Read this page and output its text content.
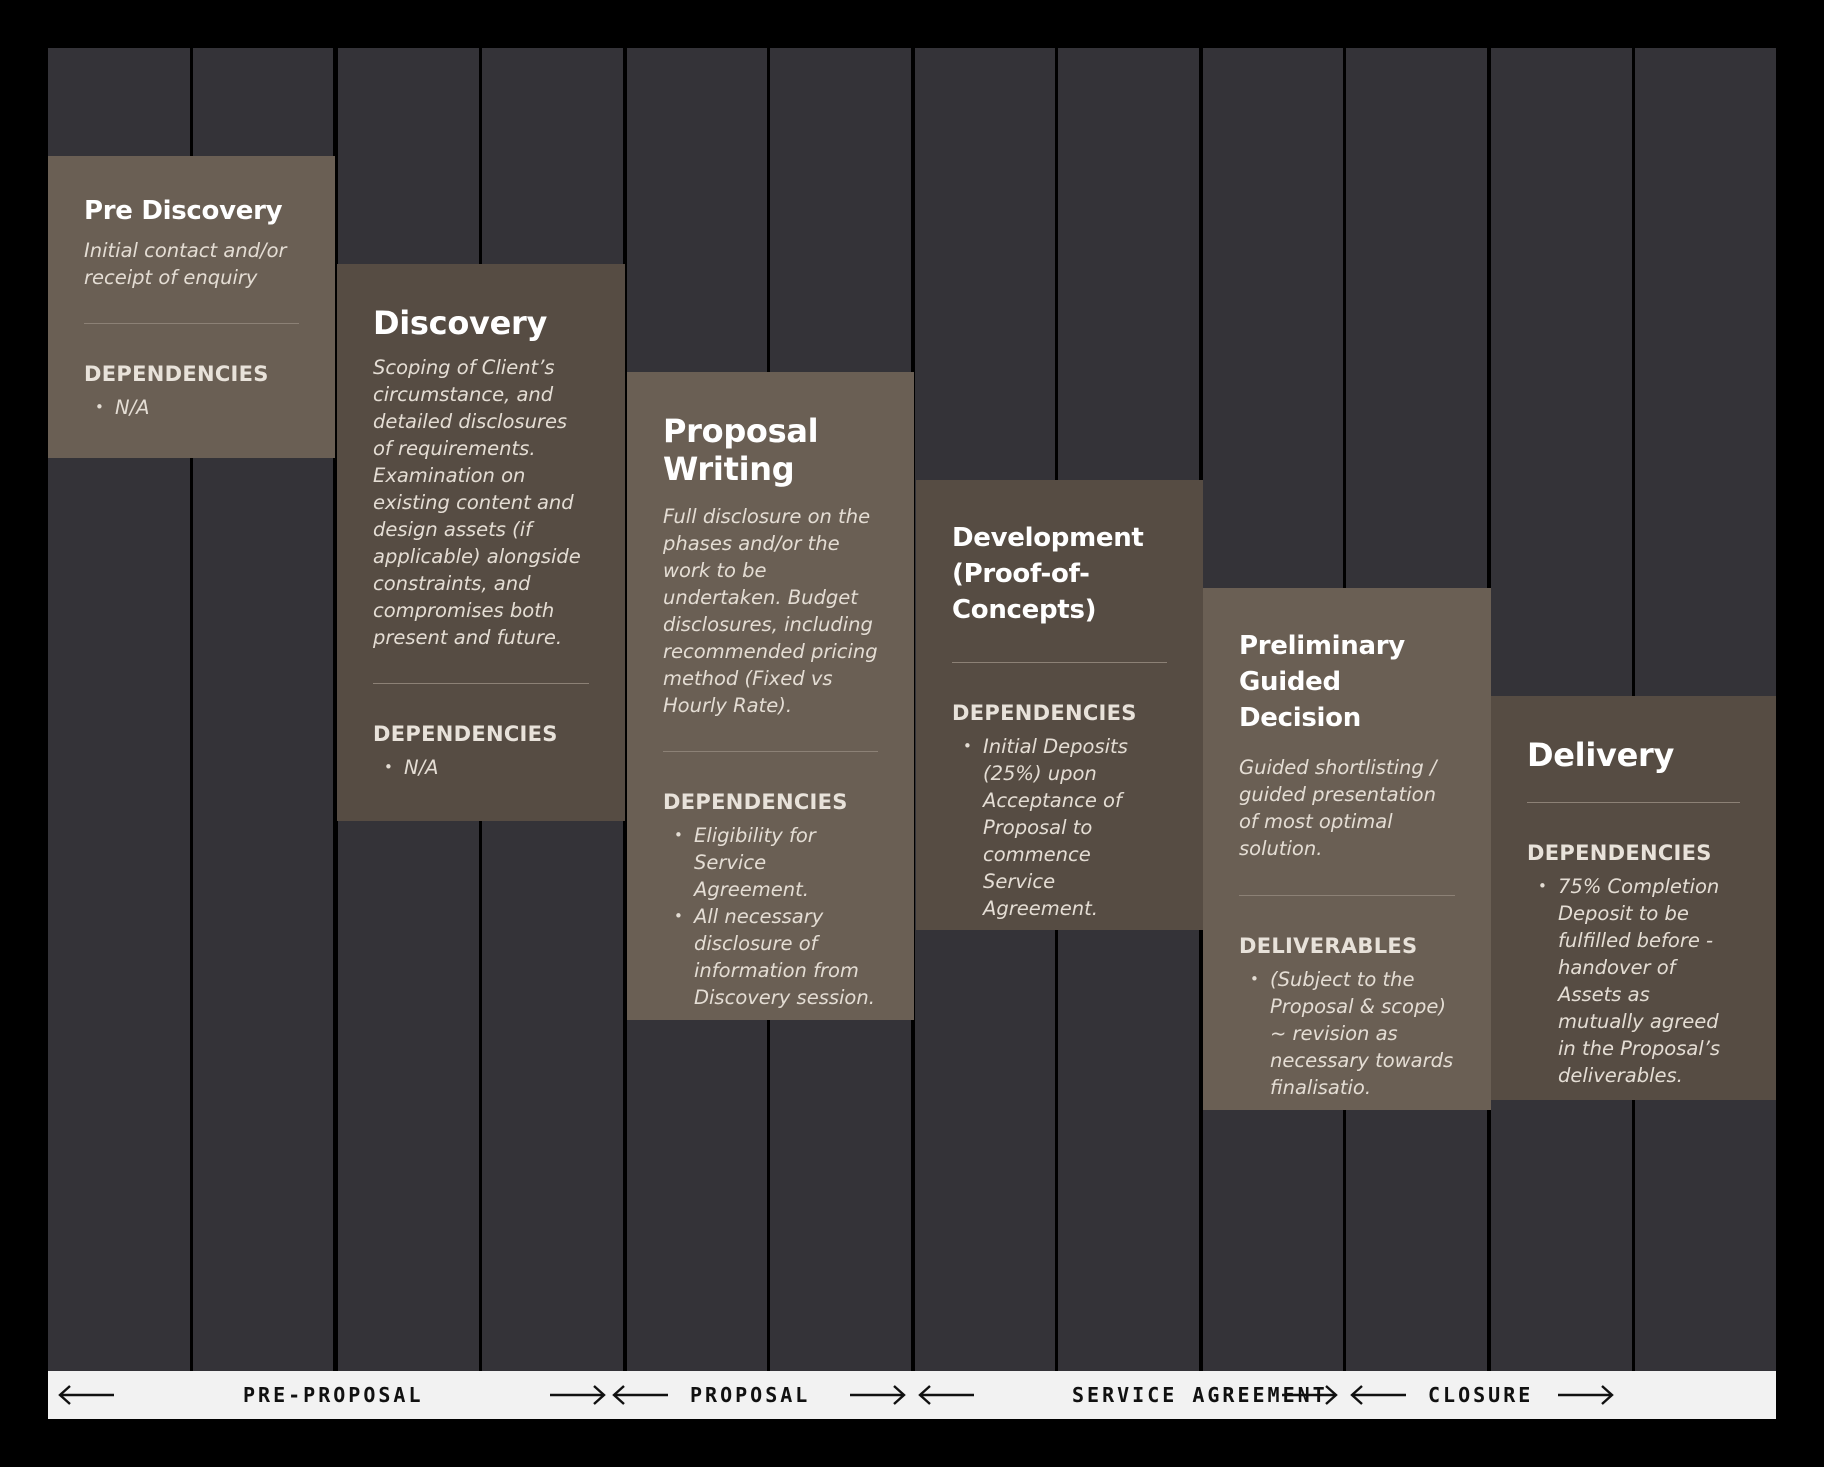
Pre Discovery
Initial contact and/or receipt of enquiry
DEPENDENCIES
• N/A
Discovery
Scoping of Client’s circumstance, and detailed disclosures of requirements. Examination on existing content and design assets (if applicable) alongside constraints, and compromises both present and future.
DEPENDENCIES
• N/A
Proposal Writing
Full disclosure on the phases and/or the work to be undertaken. Budget disclosures, including recommended pricing method (Fixed vs Hourly Rate).
DEPENDENCIES
• Eligibility for Service Agreement.
• All necessary disclosure of information from Discovery session.
Development (Proof-of-Concepts)
DEPENDENCIES
• Initial Deposits (25%) upon Acceptance of Proposal to commence Service Agreement.
Preliminary Guided Decision
Guided shortlisting / guided presentation of most optimal solution.
DELIVERABLES
• (Subject to the Proposal & scope) ~ revision as necessary towards finalisatio.
Delivery
DEPENDENCIES
• 75% Completion Deposit to be fulfilled before - handover of Assets as mutually agreed in the Proposal’s deliverables.
PRE-PROPOSAL	PROPOSAL	SERVICE AGREEMENT	CLOSURE
